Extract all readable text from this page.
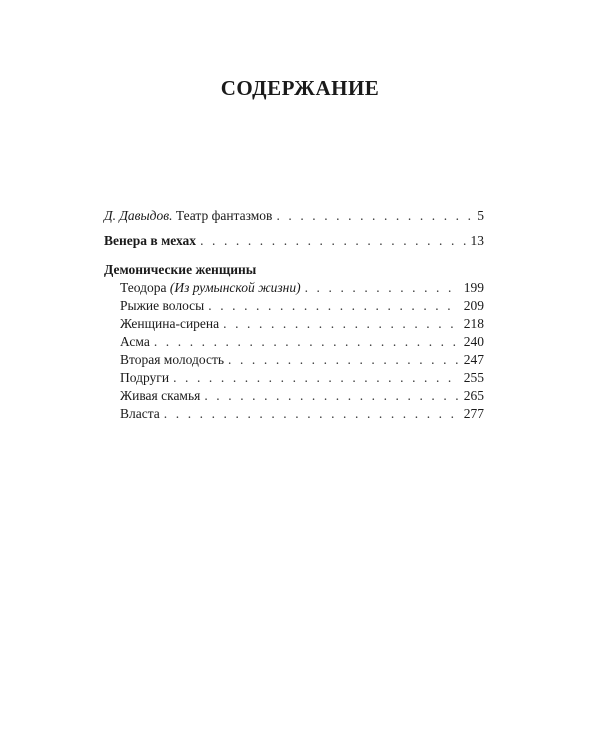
СОДЕРЖАНИЕ
Д. Давыдов. Театр фантазмов . . .	5
Венера в мехах . . .	13
Демонические женщины
Теодора (Из румынской жизни) . . .	199
Рыжие волосы . . .	209
Женщина-сирена . . .	218
Асма . . .	240
Вторая молодость . . .	247
Подруги . . .	255
Живая скамья . . .	265
Власта . . .	277
